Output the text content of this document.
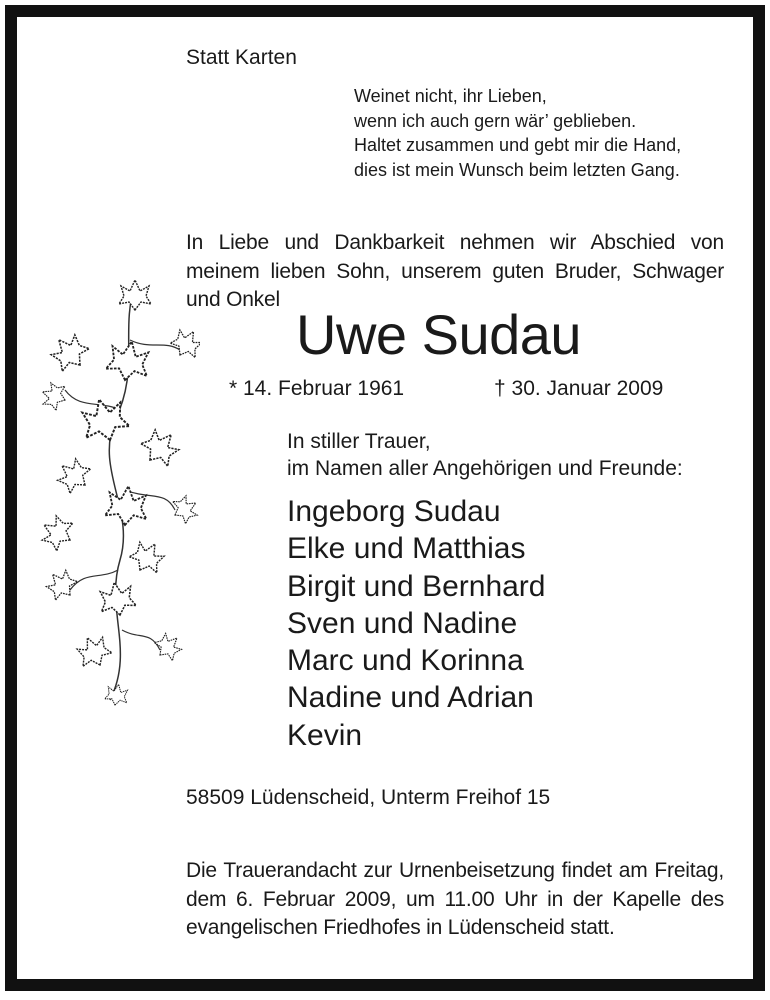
Statt Karten

Weinet nicht, ihr Lieben,
wenn ich auch gern wär’ geblieben.
Haltet zusammen und gebt mir die Hand,
dies ist mein Wunsch beim letzten Gang.

In Liebe und Dankbarkeit nehmen wir Abschied von meinem lieben Sohn, unserem guten Bruder, Schwager und Onkel

Uwe Sudau

* 14. Februar 1961	† 30. Januar 2009

In stiller Trauer,
im Namen aller Angehörigen und Freunde:
Ingeborg Sudau
Elke und Matthias
Birgit und Bernhard
Sven und Nadine
Marc und Korinna
Nadine und Adrian
Kevin

58509 Lüdenscheid, Unterm Freihof 15

Die Trauerandacht zur Urnenbeisetzung findet am Freitag, dem 6. Februar 2009, um 11.00 Uhr in der Kapelle des evangelischen Friedhofes in Lüdenscheid statt.
